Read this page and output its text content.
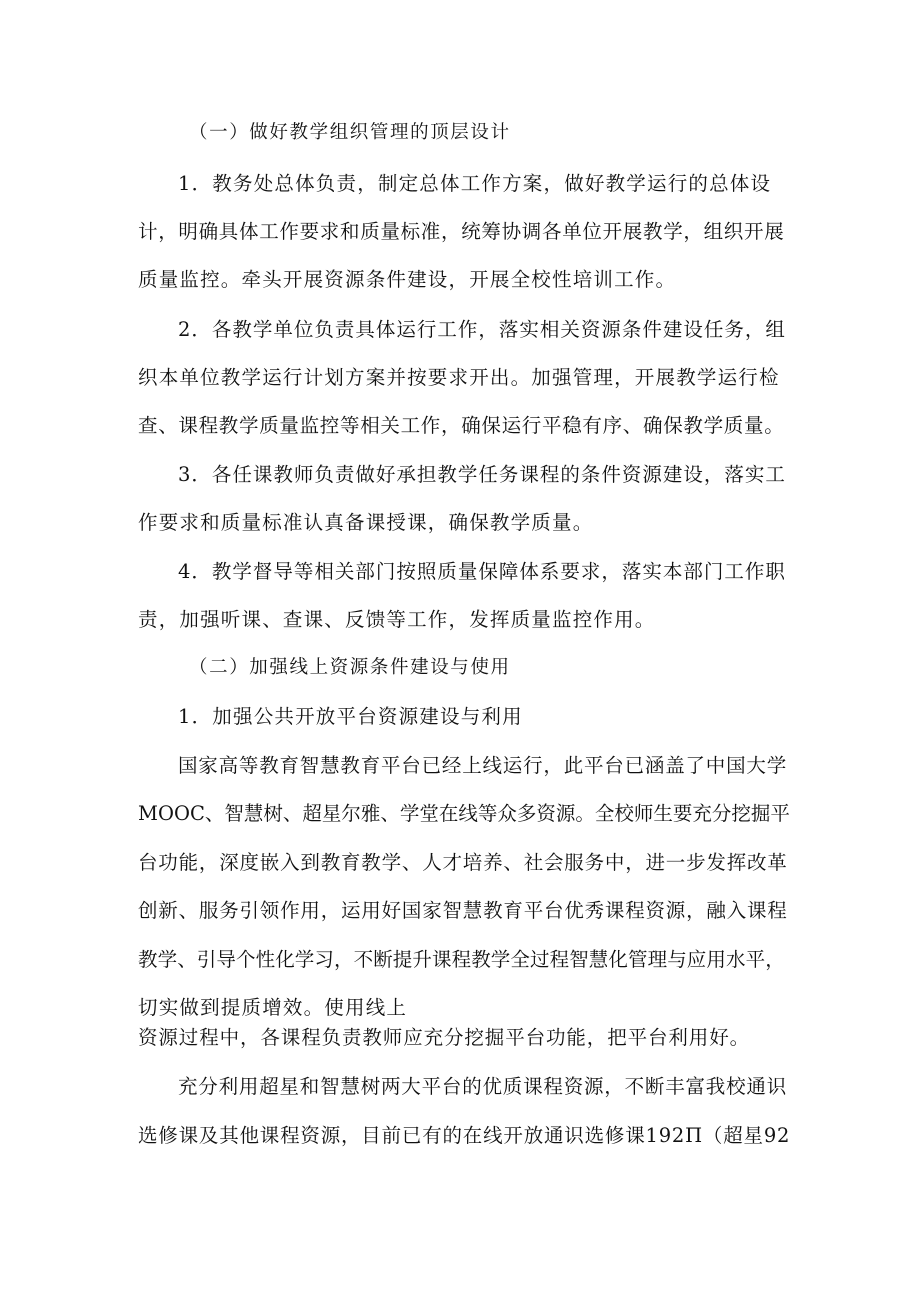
（一）做好教学组织管理的顶层设计
1．教务处总体负责，制定总体工作方案，做好教学运行的总体设
计，明确具体工作要求和质量标准，统筹协调各单位开展教学，组织开展
质量监控。牵头开展资源条件建设，开展全校性培训工作。
2．各教学单位负责具体运行工作，落实相关资源条件建设任务，组
织本单位教学运行计划方案并按要求开出。加强管理，开展教学运行检
查、课程教学质量监控等相关工作，确保运行平稳有序、确保教学质量。
3．各任课教师负责做好承担教学任务课程的条件资源建设，落实工
作要求和质量标准认真备课授课，确保教学质量。
4．教学督导等相关部门按照质量保障体系要求，落实本部门工作职
责，加强听课、查课、反馈等工作，发挥质量监控作用。
（二）加强线上资源条件建设与使用
1．加强公共开放平台资源建设与利用
国家高等教育智慧教育平台已经上线运行，此平台已涵盖了中国大学
MOOC、智慧树、超星尔雅、学堂在线等众多资源。全校师生要充分挖掘平
台功能，深度嵌入到教育教学、人才培养、社会服务中，进一步发挥改革
创新、服务引领作用，运用好国家智慧教育平台优秀课程资源，融入课程
教学、引导个性化学习，不断提升课程教学全过程智慧化管理与应用水平，
切实做到提质增效。使用线上
资源过程中，各课程负责教师应充分挖掘平台功能，把平台利用好。
充分利用超星和智慧树两大平台的优质课程资源，不断丰富我校通识
选修课及其他课程资源，目前已有的在线开放通识选修课192Π（超星92
